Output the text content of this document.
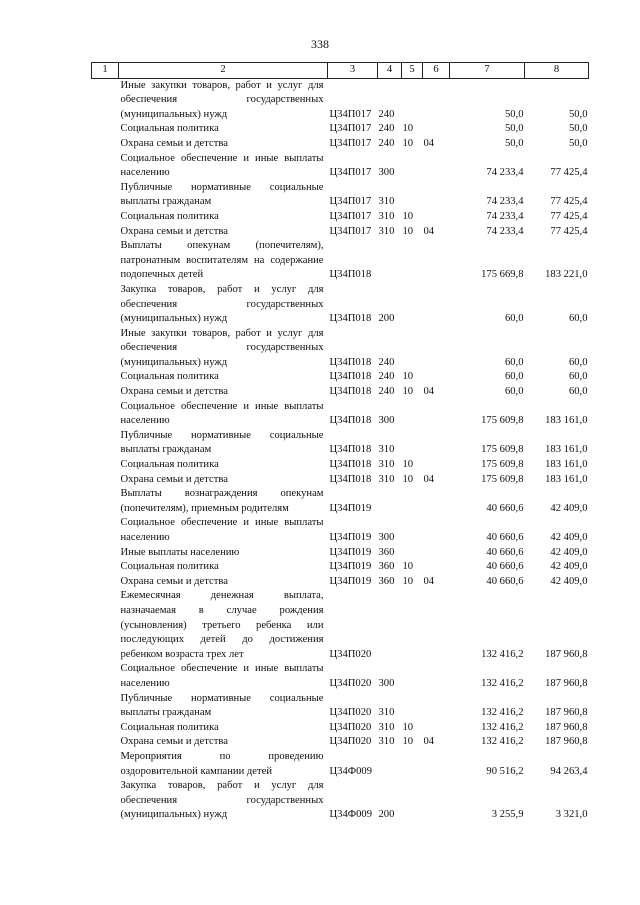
338
1	2	3	4	5	6	7	8
	Иные закупки товаров, работ и услуг для обеспечения государственных (муниципальных) нужд	Ц34П017	240			50,0	50,0
	Социальная политика	Ц34П017	240	10		50,0	50,0
	Охрана семьи и детства	Ц34П017	240	10	04	50,0	50,0
	Социальное обеспечение и иные выплаты населению	Ц34П017	300			74 233,4	77 425,4
	Публичные нормативные социальные выплаты гражданам	Ц34П017	310			74 233,4	77 425,4
	Социальная политика	Ц34П017	310	10		74 233,4	77 425,4
	Охрана семьи и детства	Ц34П017	310	10	04	74 233,4	77 425,4
	Выплаты опекунам (попечителям), патронатным воспитателям на содержание подопечных детей	Ц34П018				175 669,8	183 221,0
	Закупка товаров, работ и услуг для обеспечения государственных (муниципальных) нужд	Ц34П018	200			60,0	60,0
	Иные закупки товаров, работ и услуг для обеспечения государственных (муниципальных) нужд	Ц34П018	240			60,0	60,0
	Социальная политика	Ц34П018	240	10		60,0	60,0
	Охрана семьи и детства	Ц34П018	240	10	04	60,0	60,0
	Социальное обеспечение и иные выплаты населению	Ц34П018	300			175 609,8	183 161,0
	Публичные нормативные социальные выплаты гражданам	Ц34П018	310			175 609,8	183 161,0
	Социальная политика	Ц34П018	310	10		175 609,8	183 161,0
	Охрана семьи и детства	Ц34П018	310	10	04	175 609,8	183 161,0
	Выплаты вознаграждения опекунам (попечителям), приемным родителям	Ц34П019				40 660,6	42 409,0
	Социальное обеспечение и иные выплаты населению	Ц34П019	300			40 660,6	42 409,0
	Иные выплаты населению	Ц34П019	360			40 660,6	42 409,0
	Социальная политика	Ц34П019	360	10		40 660,6	42 409,0
	Охрана семьи и детства	Ц34П019	360	10	04	40 660,6	42 409,0
	Ежемесячная денежная выплата, назначаемая в случае рождения (усыновления) третьего ребенка или последующих детей до достижения ребенком возраста трех лет	Ц34П020				132 416,2	187 960,8
	Социальное обеспечение и иные выплаты населению	Ц34П020	300			132 416,2	187 960,8
	Публичные нормативные социальные выплаты гражданам	Ц34П020	310			132 416,2	187 960,8
	Социальная политика	Ц34П020	310	10		132 416,2	187 960,8
	Охрана семьи и детства	Ц34П020	310	10	04	132 416,2	187 960,8
	Мероприятия по проведению оздоровительной кампании детей	Ц34Ф009				90 516,2	94 263,4
	Закупка товаров, работ и услуг для обеспечения государственных (муниципальных) нужд	Ц34Ф009	200			3 255,9	3 321,0
